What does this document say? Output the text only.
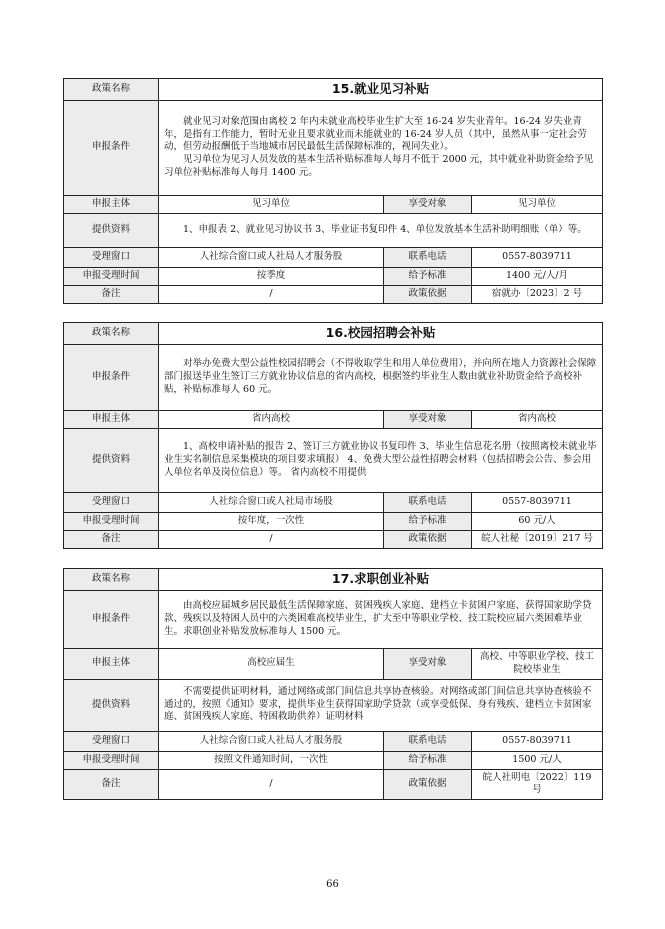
政策名称	15.就业见习补贴		
申报条件	就业见习对象范围由离校 2 年内未就业高校毕业生扩大至 16-24 岁失业青年。16-24 岁失业青年，是指有工作能力，暂时无业且要求就业而未能就业的 16-24 岁人员（其中，虽然从事一定社会劳动，但劳动报酬低于当地城市居民最低生活保障标准的，视同失业）。

见习单位为见习人员发放的基本生活补贴标准每人每月不低于 2000 元，其中就业补助资金给予见习单位补贴标准每人每月 1400 元。		

申报主体	见习单位	享受对象	见习单位
提供资料	1、申报表 2、就业见习协议书 3、毕业证书复印件 4、单位发放基本生活补助明细账（单）等。		

受理窗口	人社综合窗口或人社局人才服务股	联系电话	0557-8039711
申报受理时间	按季度	给予标准	1400 元/人/月
备注	/	政策依据	宿就办〔2023〕2 号
政策名称	16.校园招聘会补贴		
申报条件	对举办免费大型公益性校园招聘会（不得收取学生和用人单位费用），并向所在地人力资源社会保障部门报送毕业生签订三方就业协议信息的省内高校，根据签约毕业生人数由就业补助资金给予高校补贴，补贴标准每人 60 元。		

申报主体	省内高校	享受对象	省内高校
提供资料	1、高校申请补贴的报告 2、签订三方就业协议书复印件 3、毕业生信息花名册（按照离校未就业毕业生实名制信息采集模块的项目要求填报） 4、免费大型公益性招聘会材料（包括招聘会公告、参会用人单位名单及岗位信息）等。 省内高校不用提供		

受理窗口	人社综合窗口或人社局市场股	联系电话	0557-8039711
申报受理时间	按年度，一次性	给予标准	60 元/人
备注	/	政策依据	皖人社秘〔2019〕217 号
政策名称	17.求职创业补贴		
申报条件	由高校应届城乡居民最低生活保障家庭、贫困残疾人家庭、建档立卡贫困户家庭、获得国家助学贷款、残疾以及特困人员中的六类困难高校毕业生，扩大至中等职业学校、技工院校应届六类困难毕业生。求职创业补贴发放标准每人 1500 元。		

申报主体	高校应届生	享受对象	高校、中等职业学校、技工院校毕业生
提供资料	不需要提供证明材料，通过网络或部门间信息共享协查核验。对网络或部门间信息共享协查核验不通过的，按照《通知》要求，提供毕业生获得国家助学贷款（或享受低保、身有残疾、建档立卡贫困家庭、贫困残疾人家庭、特困救助供养）证明材料		

受理窗口	人社综合窗口或人社局人才服务股	联系电话	0557-8039711
申报受理时间	按照文件通知时间，一次性	给予标准	1500 元/人
备注	/	政策依据	皖人社明电〔2022〕119 号
66
